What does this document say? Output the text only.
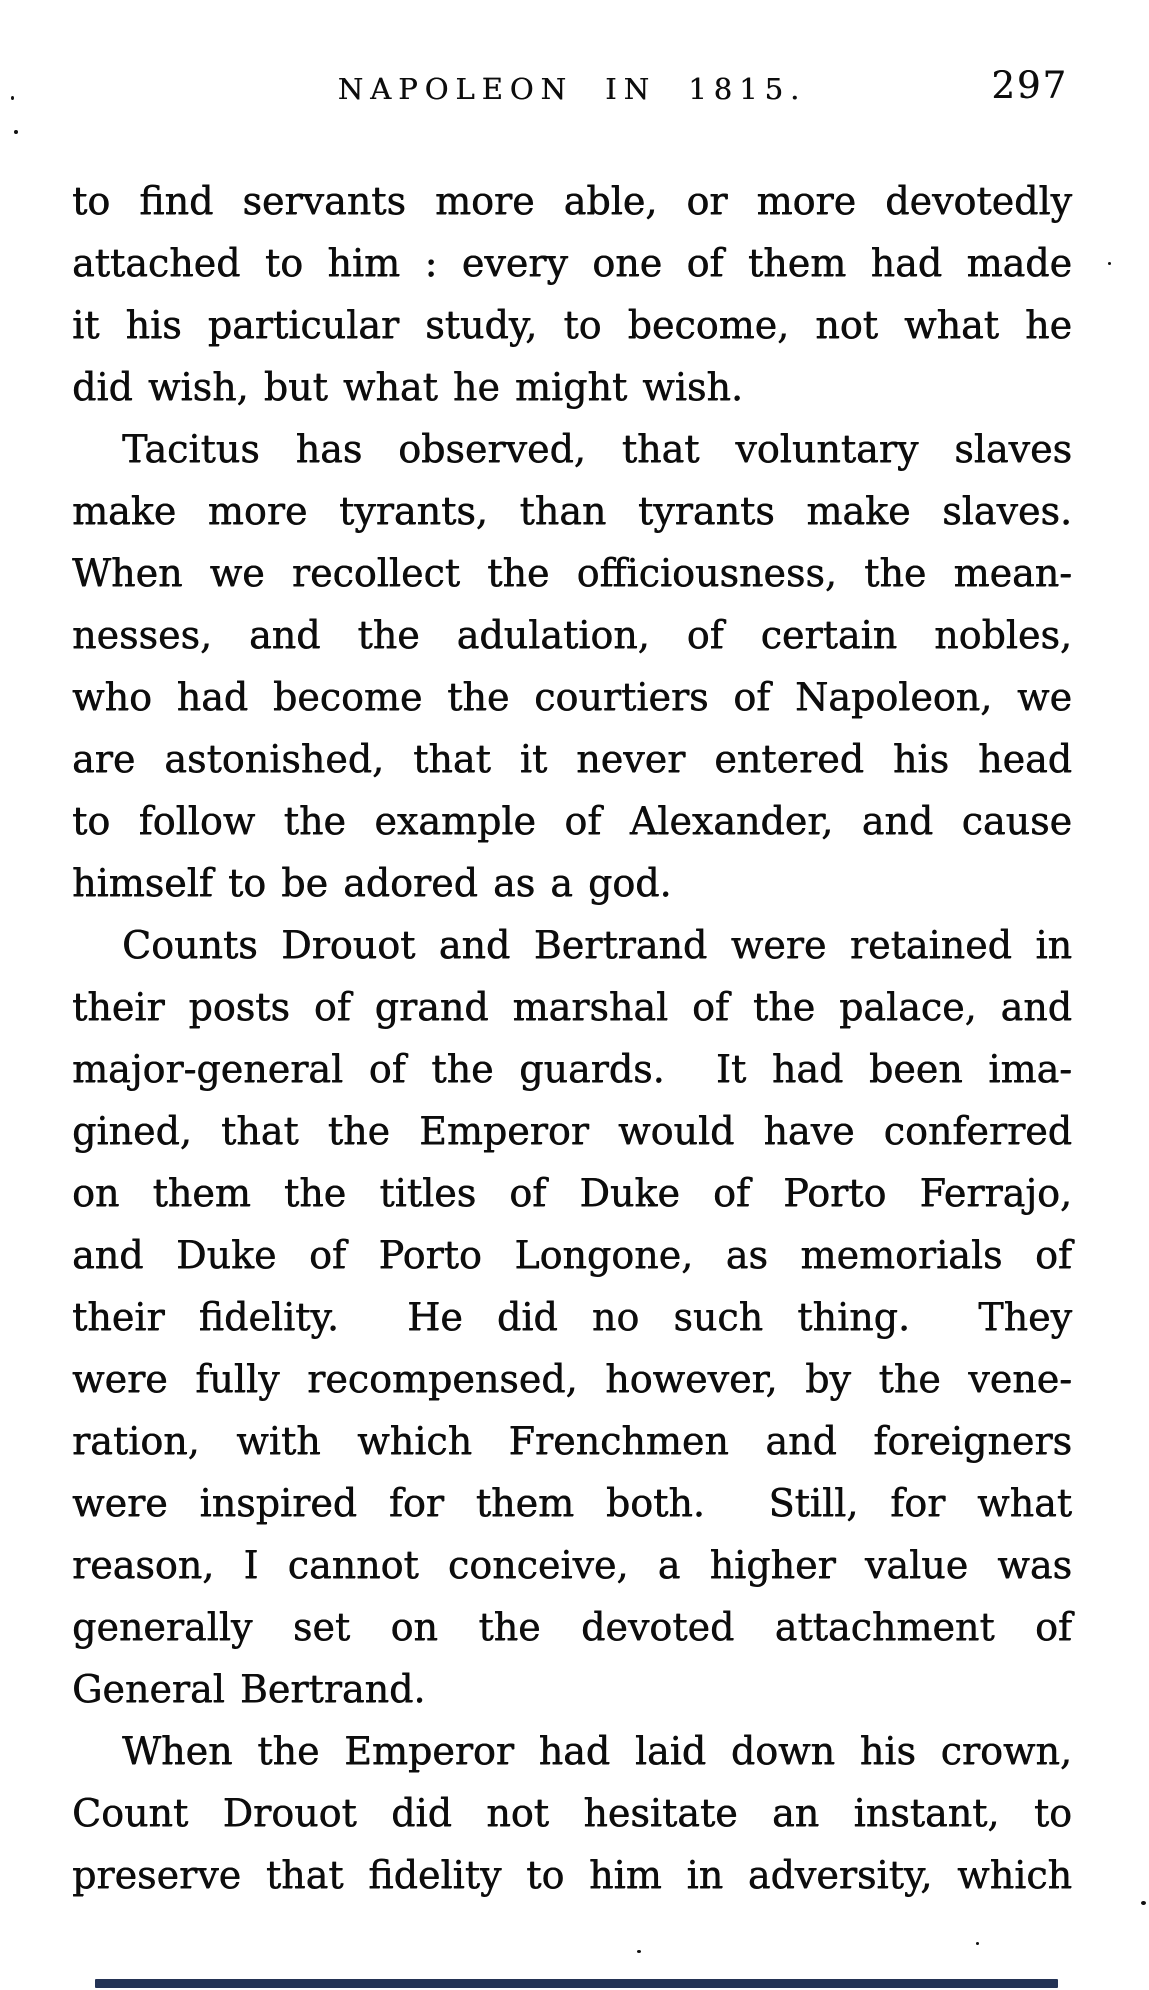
NAPOLEON IN 1815.	297

to find servants more able, or more devotedly
attached to him : every one of them had made
it his particular study, to become, not what he
did wish, but what he might wish.

Tacitus has observed, that voluntary slaves
make more tyrants, than tyrants make slaves.
When we recollect the officiousness, the mean-
nesses, and the adulation, of certain nobles,
who had become the courtiers of Napoleon, we
are astonished, that it never entered his head
to follow the example of Alexander, and cause
himself to be adored as a god.

Counts Drouot and Bertrand were retained in
their posts of grand marshal of the palace, and
major-general of the guards.  It had been ima-
gined, that the Emperor would have conferred
on them the titles of Duke of Porto Ferrajo,
and Duke of Porto Longone, as memorials of
their fidelity.  He did no such thing.  They
were fully recompensed, however, by the vene-
ration, with which Frenchmen and foreigners
were inspired for them both.  Still, for what
reason, I cannot conceive, a higher value was
generally set on the devoted attachment of
General Bertrand.

When the Emperor had laid down his crown,
Count Drouot did not hesitate an instant, to
preserve that fidelity to him in adversity, which
